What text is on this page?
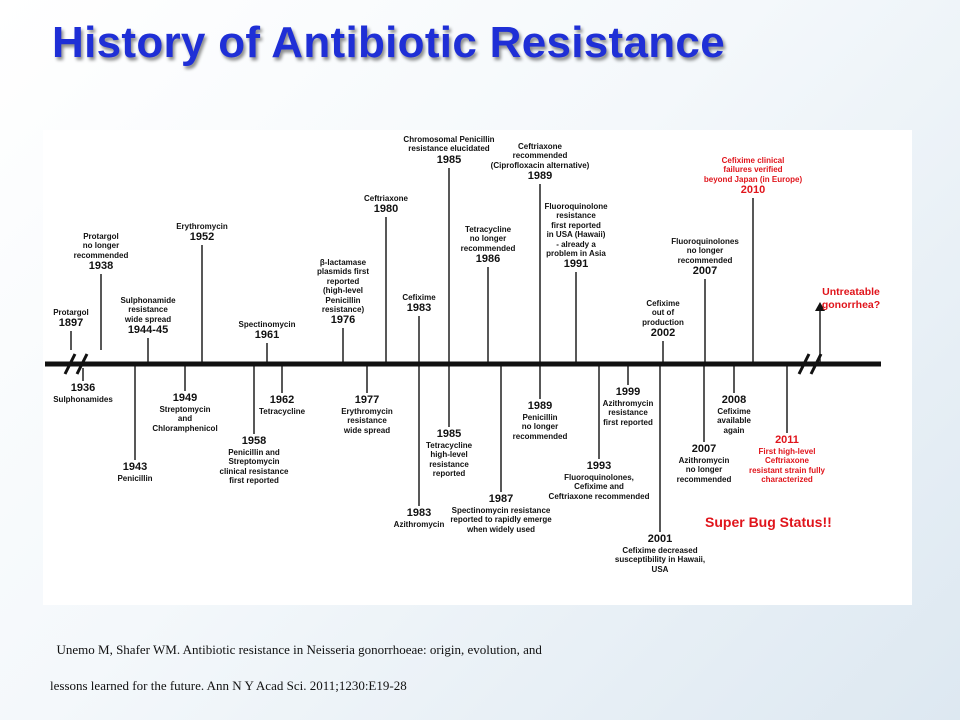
History of Antibiotic Resistance
Protargol
1897
Protargol
no longer
recommended
1938
Sulphonamide
resistance
wide spread
1944-45
Erythromycin
1952
Spectinomycin
1961
β-lactamase
plasmids first
reported
(high-level
Penicillin
resistance)
1976
Ceftriaxone
1980
Cefixime
1983
Chromosomal Penicillin
resistance elucidated
1985
Tetracycline
no longer
recommended
1986
Ceftriaxone
recommended
(Ciprofloxacin alternative)
1989
Fluoroquinolone
resistance
first reported
in USA (Hawaii)
- already a
problem in Asia
1991
Cefixime
out of
production
2002
Fluoroquinolones
no longer
recommended
2007
Cefixime clinical
failures verified
beyond Japan (in Europe)
2010
1936
Sulphonamides
1943
Penicillin
1949
Streptomycin
and
Chloramphenicol
1958
Penicillin and
Streptomycin
clinical resistance
first reported
1962
Tetracycline
1977
Erythromycin
resistance
wide spread
1983
Azithromycin
1985
Tetracycline
high-level
resistance
reported
1987
Spectinomycin resistance
reported to rapidly emerge
when widely used
1989
Penicillin
no longer
recommended
1993
Fluoroquinolones,
Cefixime and
Ceftriaxone recommended
1999
Azithromycin
resistance
first reported
2001
Cefixime decreased
susceptibility in Hawaii,
USA
2007
Azithromycin
no longer
recommended
2008
Cefixime
available
again
2011
First high-level
Ceftriaxone
resistant strain fully
characterized
Untreatable
gonorrhea?
Super Bug Status!!

Unemo M, Shafer WM. Antibiotic resistance in Neisseria gonorrhoeae: origin, evolution, and

lessons learned for the future. Ann N Y Acad Sci. 2011;1230:E19-28
